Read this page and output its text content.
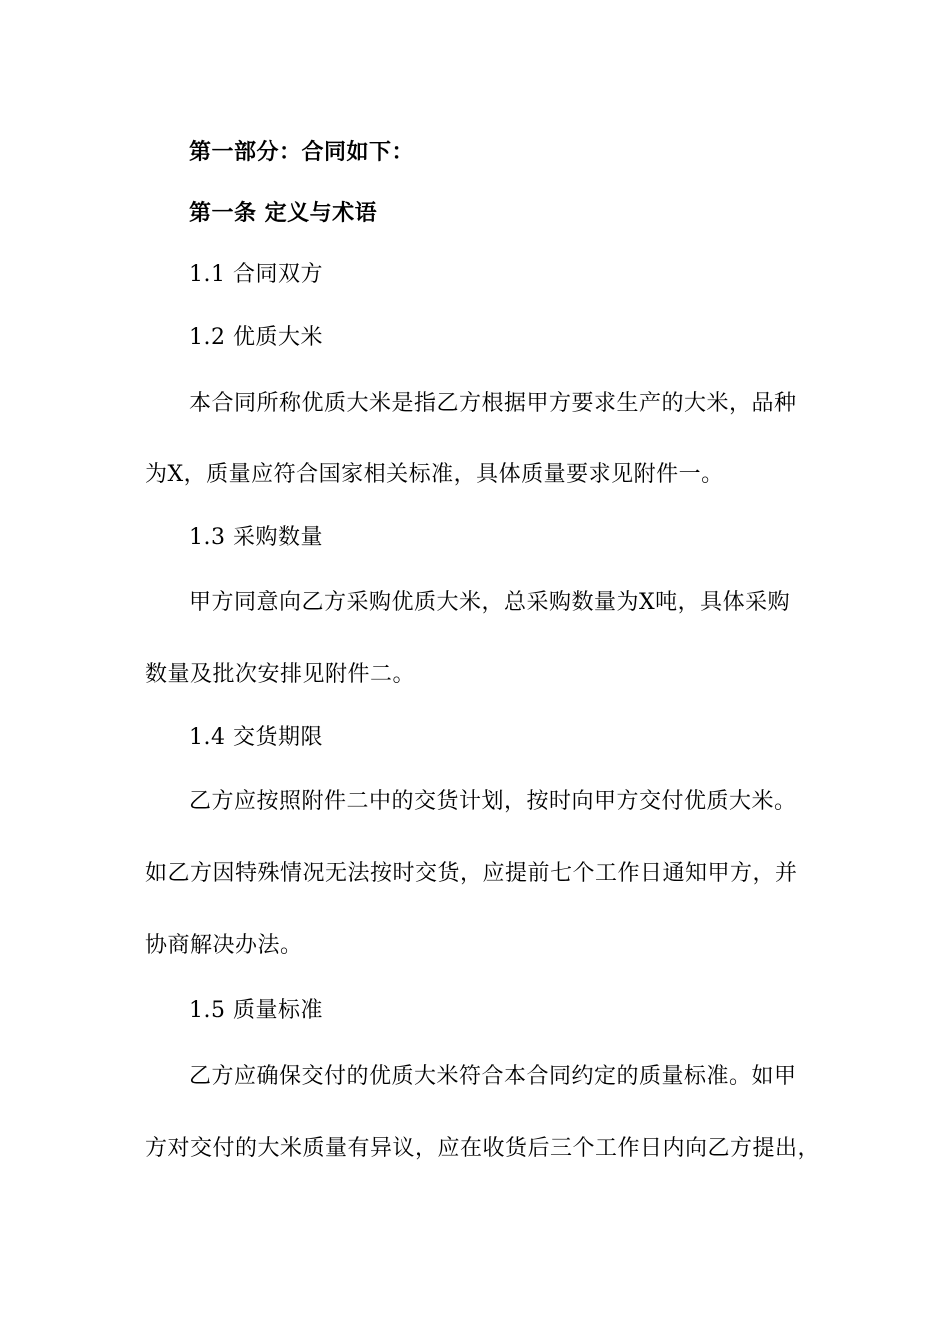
第一部分：合同如下：
第一条 定义与术语
1.1 合同双方
1.2 优质大米
本合同所称优质大米是指乙方根据甲方要求生产的大米，品种
为X，质量应符合国家相关标准，具体质量要求见附件一。
1.3 采购数量
甲方同意向乙方采购优质大米，总采购数量为X吨，具体采购
数量及批次安排见附件二。
1.4 交货期限
乙方应按照附件二中的交货计划，按时向甲方交付优质大米。
如乙方因特殊情况无法按时交货，应提前七个工作日通知甲方，并
协商解决办法。
1.5 质量标准
乙方应确保交付的优质大米符合本合同约定的质量标准。如甲
方对交付的大米质量有异议，应在收货后三个工作日内向乙方提出，
